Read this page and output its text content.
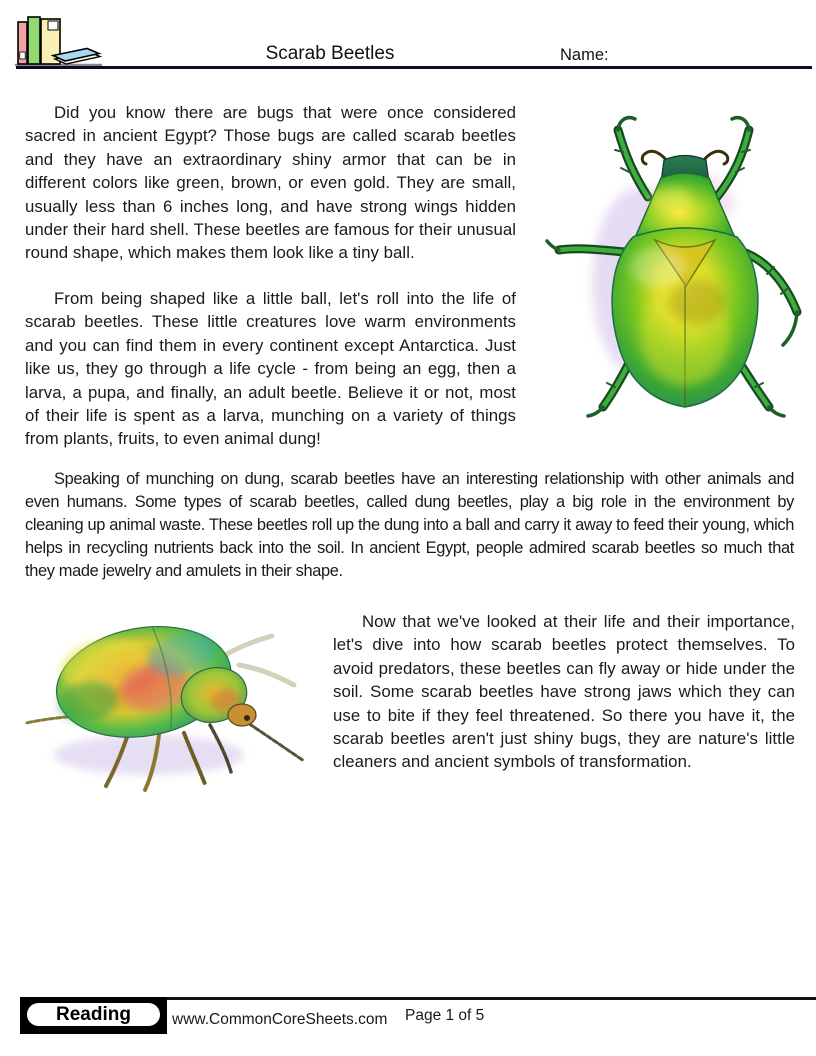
Scarab Beetles	Name:

Did you know there are bugs that were once considered sacred in ancient Egypt? Those bugs are called scarab beetles and they have an extraordinary shiny armor that can be in different colors like green, brown, or even gold. They are small, usually less than 6 inches long, and have strong wings hidden under their hard shell. These beetles are famous for their unusual round shape, which makes them look like a tiny ball.

From being shaped like a little ball, let's roll into the life of scarab beetles. These little creatures love warm environments and you can find them in every continent except Antarctica. Just like us, they go through a life cycle - from being an egg, then a larva, a pupa, and finally, an adult beetle. Believe it or not, most of their life is spent as a larva, munching on a variety of things from plants, fruits, to even animal dung!

Speaking of munching on dung, scarab beetles have an interesting relationship with other animals and even humans. Some types of scarab beetles, called dung beetles, play a big role in the environment by cleaning up animal waste. These beetles roll up the dung into a ball and carry it away to feed their young, which helps in recycling nutrients back into the soil. In ancient Egypt, people admired scarab beetles so much that they made jewelry and amulets in their shape.

Now that we've looked at their life and their importance, let's dive into how scarab beetles protect themselves. To avoid predators, these beetles can fly away or hide under the soil. Some scarab beetles have strong jaws which they can use to bite if they feel threatened. So there you have it, the scarab beetles aren't just shiny bugs, they are nature's little cleaners and ancient symbols of transformation.

Reading	www.CommonCoreSheets.com Page 1 of 5
